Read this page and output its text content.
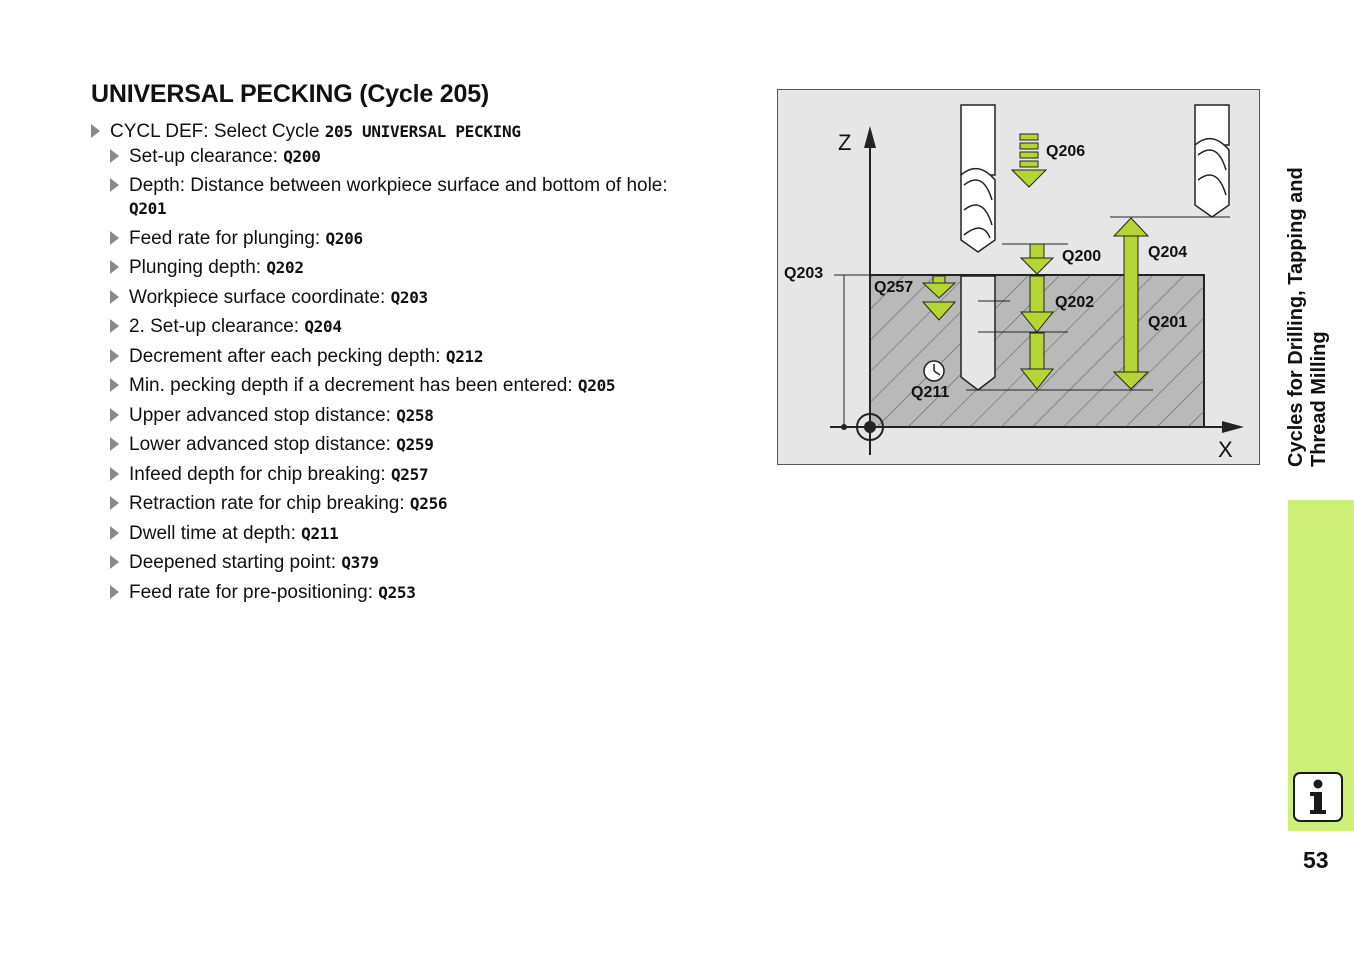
UNIVERSAL PECKING (Cycle 205)
CYCL DEF: Select Cycle 205 UNIVERSAL PECKING
Set-up clearance: Q200
Depth: Distance between workpiece surface and bottom of hole:
Q201
Feed rate for plunging: Q206
Plunging depth: Q202
Workpiece surface coordinate: Q203
2. Set-up clearance: Q204
Decrement after each pecking depth: Q212
Min. pecking depth if a decrement has been entered: Q205
Upper advanced stop distance: Q258
Lower advanced stop distance: Q259
Infeed depth for chip breaking: Q257
Retraction rate for chip breaking: Q256
Dwell time at depth: Q211
Deepened starting point: Q379
Feed rate for pre-positioning: Q253
Z
X
Q206
Q200	Q204
Q203
Q257
Q202
Q201
Q211	Cycles for Drilling, Tapping and Thread Milling
53
